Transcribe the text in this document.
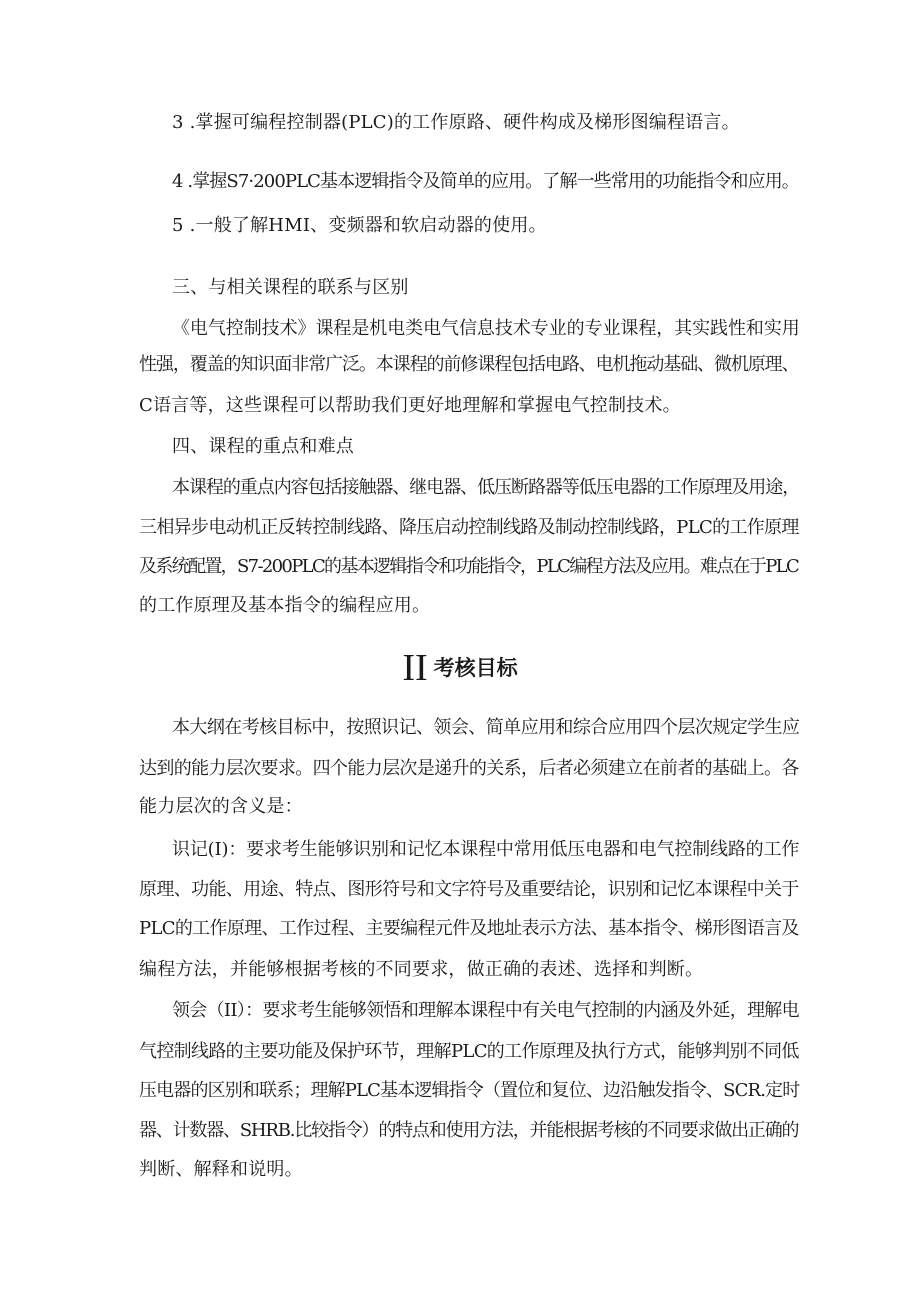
3 .掌握可编程控制器(PLC)的工作原路、硬件构成及梯形图编程语言。
4 .掌握S7·200PLC基本逻辑指令及简单的应用。了解一些常用的功能指令和应用。
5 .一般了解HMI、变频器和软启动器的使用。
三、与相关课程的联系与区别
《电气控制技术》课程是机电类电气信息技术专业的专业课程，其实践性和实用
性强，覆盖的知识面非常广泛。本课程的前修课程包括电路、电机拖动基础、微机原理、
C语言等，这些课程可以帮助我们更好地理解和掌握电气控制技术。
四、课程的重点和难点
本课程的重点内容包括接触器、继电器、低压断路器等低压电器的工作原理及用途，
三相异步电动机正反转控制线路、降压启动控制线路及制动控制线路，PLC的工作原理
及系统配置，S7-200PLC的基本逻辑指令和功能指令，PLC编程方法及应用。难点在于PLC
的工作原理及基本指令的编程应用。
II 考核目标
本大纲在考核目标中，按照识记、领会、简单应用和综合应用四个层次规定学生应
达到的能力层次要求。四个能力层次是递升的关系，后者必须建立在前者的基础上。各
能力层次的含义是：
识记(I)：要求考生能够识别和记忆本课程中常用低压电器和电气控制线路的工作
原理、功能、用途、特点、图形符号和文字符号及重要结论，识别和记忆本课程中关于
PLC的工作原理、工作过程、主要编程元件及地址表示方法、基本指令、梯形图语言及
编程方法，并能够根据考核的不同要求，做正确的表述、选择和判断。
领会（II）：要求考生能够领悟和理解本课程中有关电气控制的内涵及外延，理解电
气控制线路的主要功能及保护环节，理解PLC的工作原理及执行方式，能够判别不同低
压电器的区别和联系；理解PLC基本逻辑指令（置位和复位、边沿触发指令、SCR.定时
器、计数器、SHRB.比较指令）的特点和使用方法，并能根据考核的不同要求做出正确的
判断、解释和说明。
